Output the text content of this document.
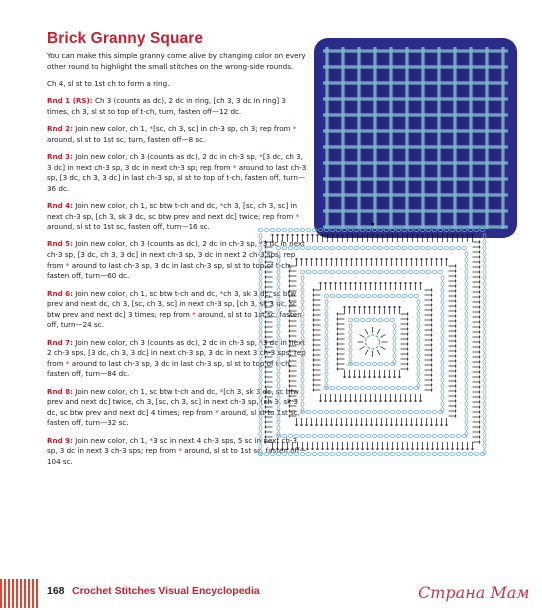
Brick Granny Square

You can make this simple granny come alive by changing color on every other round to highlight the small stitches on the wrong-side rounds.

Ch 4, sl st to 1st ch to form a ring.

Rnd 1 (RS): Ch 3 (counts as dc), 2 dc in ring, [ch 3, 3 dc in ring] 3 times, ch 3, sl st to top of t-ch, turn, fasten off—12 dc.

Rnd 2: Join new color, ch 1, *[sc, ch 3, sc] in ch-3 sp, ch 3; rep from * around, sl st to 1st sc, turn, fasten off—8 sc.

Rnd 3: Join new color, ch 3 (counts as dc), 2 dc in ch-3 sp, *[3 dc, ch 3, 3 dc] in next ch-3 sp, 3 dc in next ch-3 sp; rep from * around to last ch-3 sp, [3 dc, ch 3, 3 dc] in last ch-3 sp, sl st to top of t-ch, fasten off, turn—36 dc.

Rnd 4: Join new color, ch 1, sc btw t-ch and dc, *ch 3, [sc, ch 3, sc] in next ch-3 sp, [ch 3, sk 3 dc, sc btw prev and next dc] twice; rep from * around, sl st to 1st sc, fasten off, turn—16 sc.

Rnd 5: Join new color, ch 3 (counts as dc), 2 dc in ch-3 sp, *3 dc in next ch-3 sp, [3 dc, ch 3, 3 dc] in next ch-3 sp, 3 dc in next 2 ch-3 sps; rep from * around to last ch-3 sp, 3 dc in last ch-3 sp, sl st to top of t-ch, fasten off, turn—60 dc.

Rnd 6: Join new color, ch 1, sc btw t-ch and dc, *ch 3, sk 3 dc, sc btw prev and next dc, ch 3, [sc, ch 3, sc] in next ch-3 sp, [ch 3, sk 3 dc, sc btw prev and next dc] 3 times; rep from * around, sl st to 1st sc, fasten off, turn—24 sc.

Rnd 7: Join new color, ch 3 (counts as dc), 2 dc in ch-3 sp, *3 dc in next 2 ch-3 sps, [3 dc, ch 3, 3 dc] in next ch-3 sp, 3 dc in next 3 ch-3 sps; rep from * around to last ch-3 sp, 3 dc in last ch-3 sp, sl st to top of t-ch, fasten off, turn—84 dc.

Rnd 8: Join new color, ch 1, sc btw t-ch and dc, *[ch 3, sk 3 dc, sc btw prev and next dc] twice, ch 3, [sc, ch 3, sc] in next ch-3 sp, [ch 3, sk 3 dc, sc btw prev and next dc] 4 times; rep from * around, sl st to 1st sc, fasten off, turn—32 sc.

Rnd 9: Join new color, ch 1, *3 sc in next 4 ch-3 sps, 5 sc in next ch-3 sp, 3 dc in next 3 ch-3 sps; rep from * around, sl st to 1st sc, fasten off—104 sc.

168 Crochet Stitches Visual Encyclopedia	Страна Мам
